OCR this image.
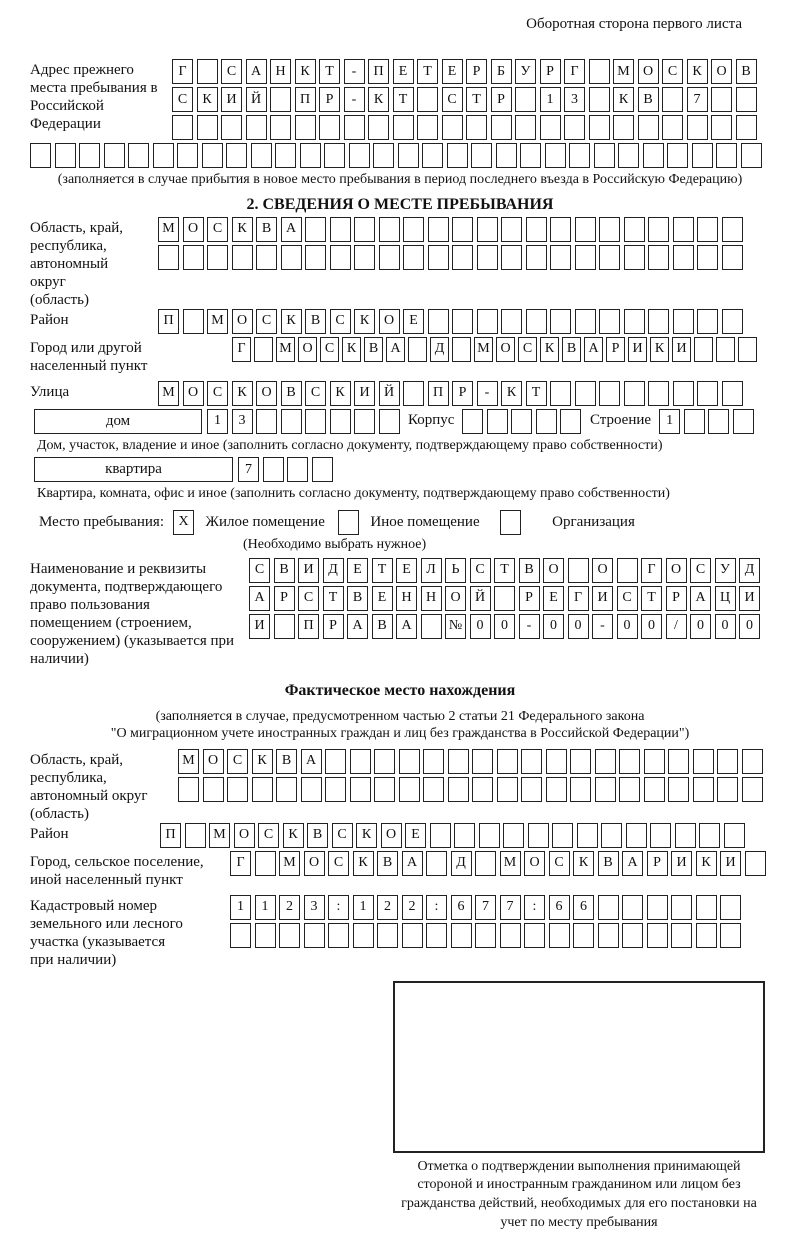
Оборотная сторона первого листа
Адрес прежнего места пребывания в Российской Федерации
Г	С	А	Н	К	Т	-	П	Е	Т	Е	Р	Б	У	Р	Г	М О	С	К	О	В
С	К	И	Й	П	Р	-	К	Т	С	Т	Р	1	3	К	В	7
(заполняется в случае прибытия в новое место пребывания в период последнего въезда в Российскую Федерацию)
2. СВЕДЕНИЯ О МЕСТЕ ПРЕБЫВАНИЯ
Область, край, республика, автономный округ (область)
М О	С	К	В	А
Район	П	М О	С	К	В	С	К	О	Е
Город или другой населенный пункт
Г	М О С К В А	Д	М О С К В А Р И К И
Улица	М О	С	К	О	В	С	К	И	Й	П	Р	-	К	Т
дом	1	3	Корпус	Строение	1
Дом, участок, владение и иное (заполнить согласно документу, подтверждающему право собственности)
квартира	7
Квартира, комната, офис и иное (заполнить согласно документу, подтверждающему право собственности)
Место пребывания:	X	Жилое помещение	Иное помещение	Организация
(Необходимо выбрать нужное)
Наименование и реквизиты документа, подтверждающего право пользования помещением (строением, сооружением) (указывается при наличии)
С	В	И	Д	Е	Т	Е	Л	Ь	С	Т	В	О	О	Г	О	С	У	Д
А	Р	С	Т	В	Е	Н	Н	О	Й	Р	Е	Г	И	С	Т	Р	А	Ц	И
И	П	Р	А	В	А	№	0	0	-	0	0	-	0	0	/	0	0	0
Фактическое место нахождения
(заполняется в случае, предусмотренном частью 2 статьи 21 Федерального закона
"О миграционном учете иностранных граждан и лиц без гражданства в Российской Федерации")
Область, край, республика, автономный округ (область)
М О	С	К	В	А
Район	П	М О	С	К	В	С	К	О	Е
Город, сельское поселение, иной населенный пункт
Г	М О	С	К	В	А	Д	М О	С	К	В	А	Р	И	К	И
Кадастровый номер земельного или лесного участка (указывается при наличии)
1	1	2	3	:	1	2	2	:	6	7	7	:	6	6
Отметка о подтверждении выполнения принимающей стороной и иностранным гражданином или лицом без гражданства действий, необходимых для его постановки на учет по месту пребывания
